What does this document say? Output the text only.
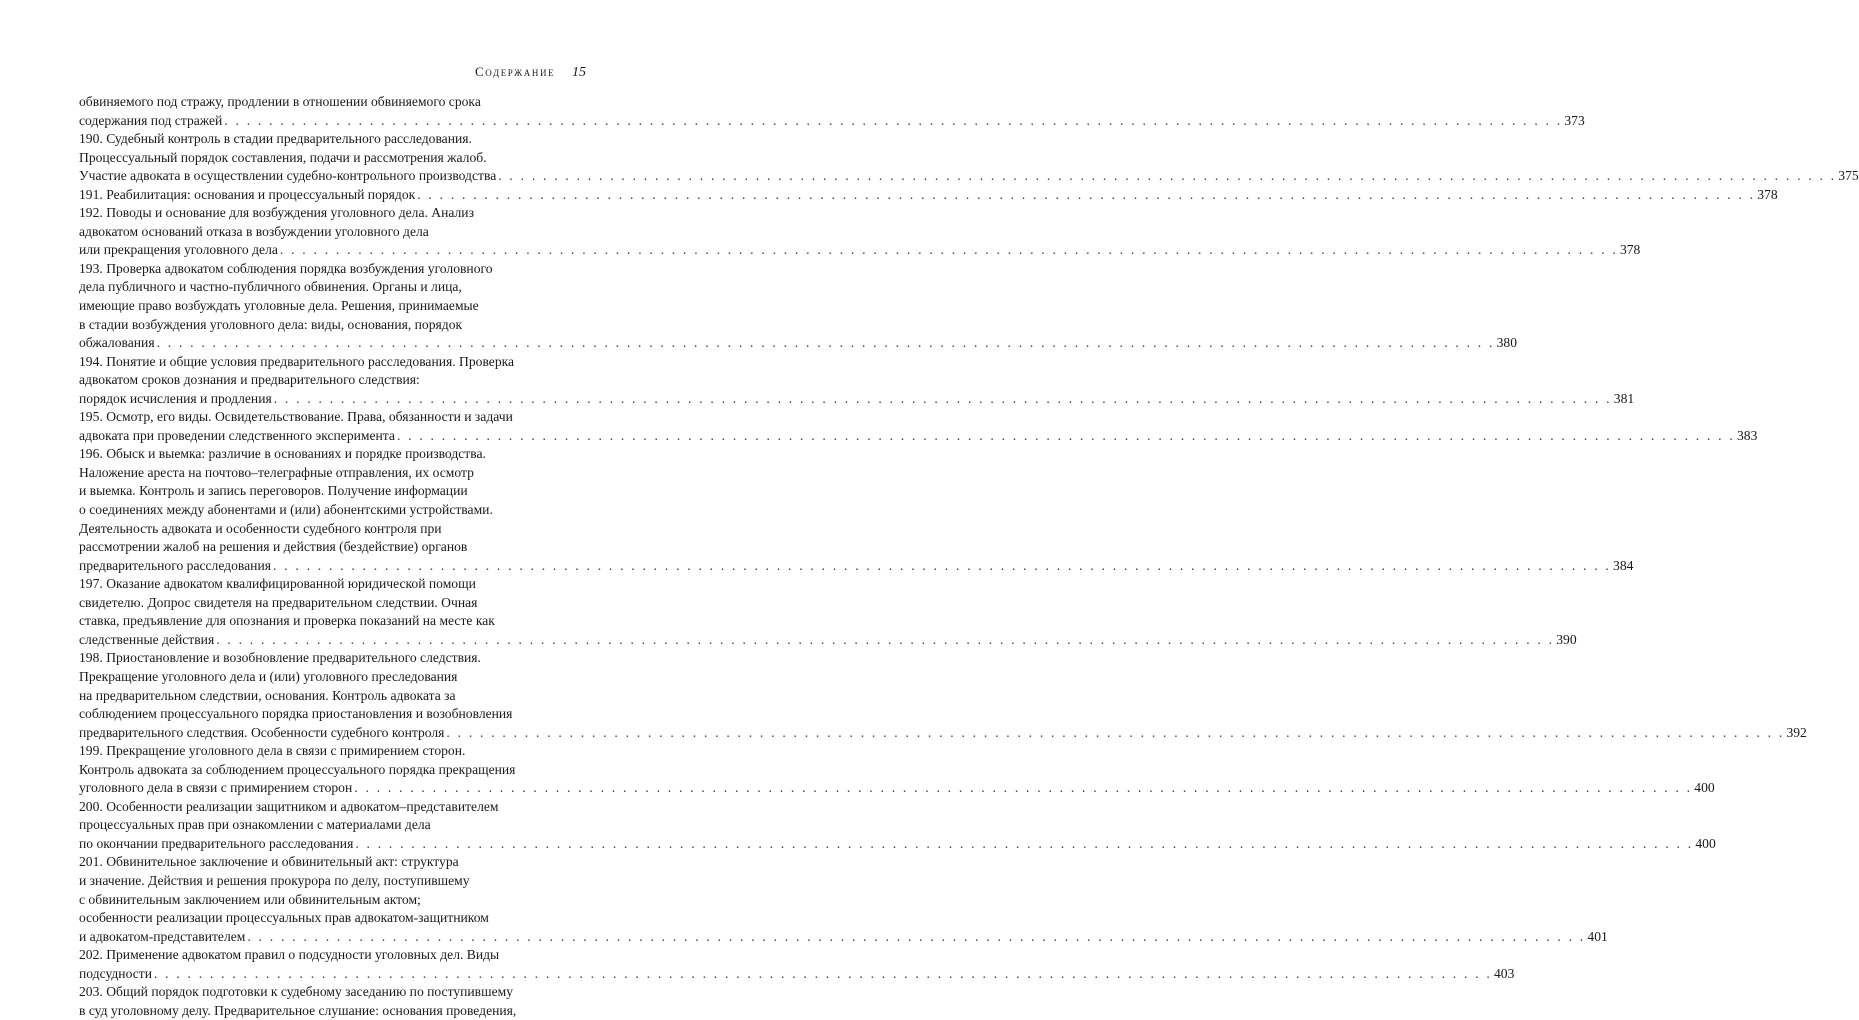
Содержание 15
обвиняемого под стражу, продлении в отношении обвиняемого срока
содержания под стражей . . . . . . . . . . . . . . . . . . . . . . . . . . . . . . . . . . . . . . . . . . . . . . . . . . . . . . . . . . . . . . . . . . . . . . . . . . . . . . . . . . . . . . . . . . . . . . . . . . . . . . . . . . . . . . . . . . . . . . . . 373
190. Судебный контроль в стадии предварительного расследования.
Процессуальный порядок составления, подачи и рассмотрения жалоб.
Участие адвоката в осуществлении судебно-контрольного производства . . . . . . . . . . . . . . . . . . . . . . . . . . . . . . . . . . . . . . . . . . . . . . . . . . . . . . . . . . . . . . . . . . . . . . . . . . . . . . . . . . . . . . . . . . . . . . . . . . . . . . . . . . . . . . . . . . . . . . . . 375
191. Реабилитация: основания и процессуальный порядок . . . . . . . . . . . . . . . . . . . . . . . . . . . . . . . . . . . . . . . . . . . . . . . . . . . . . . . . . . . . . . . . . . . . . . . . . . . . . . . . . . . . . . . . . . . . . . . . . . . . . . . . . . . . . . . . . . . . . . . . 378
192. Поводы и основание для возбуждения уголовного дела. Анализ
адвокатом оснований отказа в возбуждении уголовного дела
или прекращения уголовного дела . . . . . . . . . . . . . . . . . . . . . . . . . . . . . . . . . . . . . . . . . . . . . . . . . . . . . . . . . . . . . . . . . . . . . . . . . . . . . . . . . . . . . . . . . . . . . . . . . . . . . . . . . . . . . . . . . . . . . . . . 378
193. Проверка адвокатом соблюдения порядка возбуждения уголовного
дела публичного и частно-публичного обвинения. Органы и лица,
имеющие право возбуждать уголовные дела. Решения, принимаемые
в стадии возбуждения уголовного дела: виды, основания, порядок
обжалования . . . . . . . . . . . . . . . . . . . . . . . . . . . . . . . . . . . . . . . . . . . . . . . . . . . . . . . . . . . . . . . . . . . . . . . . . . . . . . . . . . . . . . . . . . . . . . . . . . . . . . . . . . . . . . . . . . . . . . . . 380
194. Понятие и общие условия предварительного расследования. Проверка
адвокатом сроков дознания и предварительного следствия:
порядок исчисления и продления . . . . . . . . . . . . . . . . . . . . . . . . . . . . . . . . . . . . . . . . . . . . . . . . . . . . . . . . . . . . . . . . . . . . . . . . . . . . . . . . . . . . . . . . . . . . . . . . . . . . . . . . . . . . . . . . . . . . . . . . 381
195. Осмотр, его виды. Освидетельствование. Права, обязанности и задачи
адвоката при проведении следственного эксперимента . . . . . . . . . . . . . . . . . . . . . . . . . . . . . . . . . . . . . . . . . . . . . . . . . . . . . . . . . . . . . . . . . . . . . . . . . . . . . . . . . . . . . . . . . . . . . . . . . . . . . . . . . . . . . . . . . . . . . . . . 383
196. Обыск и выемка: различие в основаниях и порядке производства.
Наложение ареста на почтово–телеграфные отправления, их осмотр
и выемка. Контроль и запись переговоров. Получение информации
о соединениях между абонентами и (или) абонентскими устройствами.
Деятельность адвоката и особенности судебного контроля при
рассмотрении жалоб на решения и действия (бездействие) органов
предварительного расследования . . . . . . . . . . . . . . . . . . . . . . . . . . . . . . . . . . . . . . . . . . . . . . . . . . . . . . . . . . . . . . . . . . . . . . . . . . . . . . . . . . . . . . . . . . . . . . . . . . . . . . . . . . . . . . . . . . . . . . . . 384
197. Оказание адвокатом квалифицированной юридической помощи
свидетелю. Допрос свидетеля на предварительном следствии. Очная
ставка, предъявление для опознания и проверка показаний на месте как
следственные действия . . . . . . . . . . . . . . . . . . . . . . . . . . . . . . . . . . . . . . . . . . . . . . . . . . . . . . . . . . . . . . . . . . . . . . . . . . . . . . . . . . . . . . . . . . . . . . . . . . . . . . . . . . . . . . . . . . . . . . . . 390
198. Приостановление и возобновление предварительного следствия.
Прекращение уголовного дела и (или) уголовного преследования
на предварительном следствии, основания. Контроль адвоката за
соблюдением процессуального порядка приостановления и возобновления
предварительного следствия. Особенности судебного контроля . . . . . . . . . . . . . . . . . . . . . . . . . . . . . . . . . . . . . . . . . . . . . . . . . . . . . . . . . . . . . . . . . . . . . . . . . . . . . . . . . . . . . . . . . . . . . . . . . . . . . . . . . . . . . . . . . . . . . . . . 392
199. Прекращение уголовного дела в связи с примирением сторон.
Контроль адвоката за соблюдением процессуального порядка прекращения
уголовного дела в связи с примирением сторон . . . . . . . . . . . . . . . . . . . . . . . . . . . . . . . . . . . . . . . . . . . . . . . . . . . . . . . . . . . . . . . . . . . . . . . . . . . . . . . . . . . . . . . . . . . . . . . . . . . . . . . . . . . . . . . . . . . . . . . . 400
200. Особенности реализации защитником и адвокатом–представителем
процессуальных прав при ознакомлении с материалами дела
по окончании предварительного расследования . . . . . . . . . . . . . . . . . . . . . . . . . . . . . . . . . . . . . . . . . . . . . . . . . . . . . . . . . . . . . . . . . . . . . . . . . . . . . . . . . . . . . . . . . . . . . . . . . . . . . . . . . . . . . . . . . . . . . . . . 400
201. Обвинительное заключение и обвинительный акт: структура
и значение. Действия и решения прокурора по делу, поступившему
с обвинительным заключением или обвинительным актом;
особенности реализации процессуальных прав адвокатом-защитником
и адвокатом-представителем . . . . . . . . . . . . . . . . . . . . . . . . . . . . . . . . . . . . . . . . . . . . . . . . . . . . . . . . . . . . . . . . . . . . . . . . . . . . . . . . . . . . . . . . . . . . . . . . . . . . . . . . . . . . . . . . . . . . . . . . 401
202. Применение адвокатом правил о подсудности уголовных дел. Виды
подсудности . . . . . . . . . . . . . . . . . . . . . . . . . . . . . . . . . . . . . . . . . . . . . . . . . . . . . . . . . . . . . . . . . . . . . . . . . . . . . . . . . . . . . . . . . . . . . . . . . . . . . . . . . . . . . . . . . . . . . . . . 403
203. Общий порядок подготовки к судебному заседанию по поступившему
в суд уголовному делу. Предварительное слушание: основания проведения,
